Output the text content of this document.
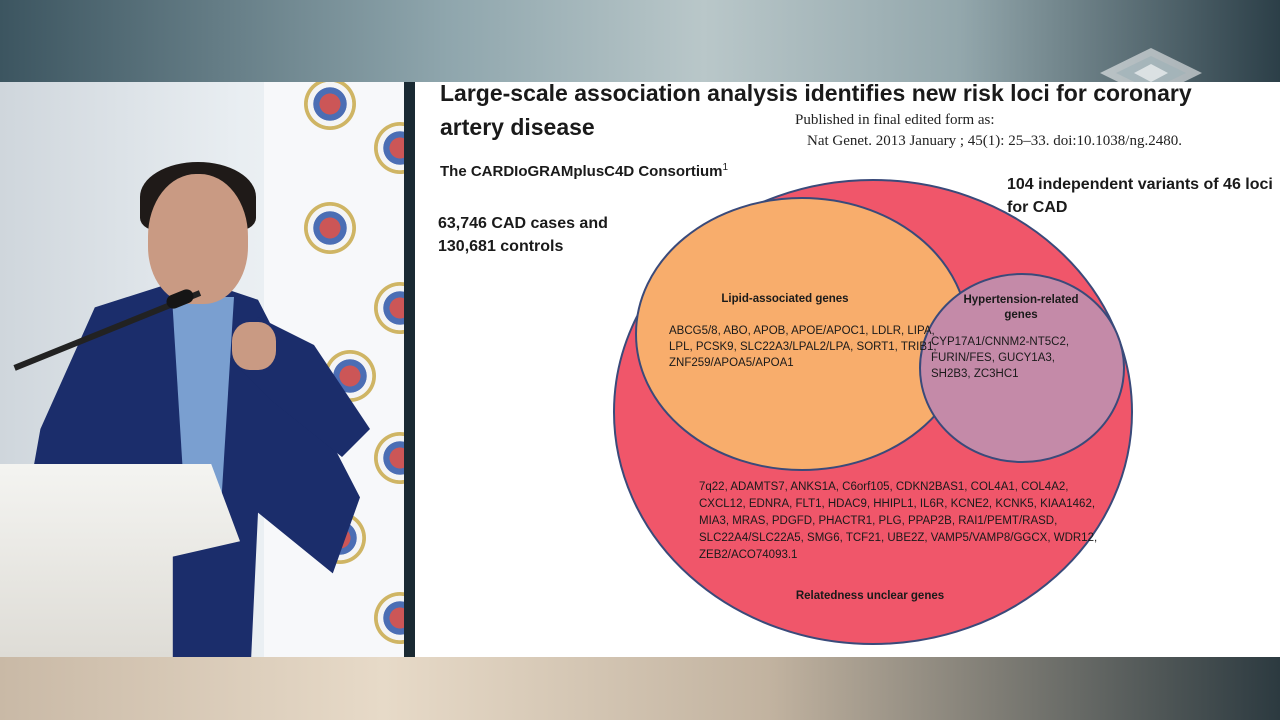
Large-scale association analysis identifies new risk loci for coronary artery disease	Published in final edited form as:
Nat Genet. 2013 January ; 45(1): 25–33. doi:10.1038/ng.2480.
The CARDIoGRAMplusC4D Consortium$^1$
63,746 CAD cases and 130,681 controls
104 independent variants of 46 loci for CAD
Lipid-associated genes
ABCG5/8, ABO, APOB, APOE/APOC1, LDLR, LIPA, LPL, PCSK9, SLC22A3/LPAL2/LPA, SORT1, TRIB1, ZNF259/APOA5/APOA1
Hypertension-related genes
CYP17A1/CNNM2-NT5C2, FURIN/FES, GUCY1A3, SH2B3, ZC3HC1
7q22, ADAMTS7, ANKS1A, C6orf105, CDKN2BAS1, COL4A1, COL4A2, CXCL12, EDNRA, FLT1, HDAC9, HHIPL1, IL6R, KCNE2, KCNK5, KIAA1462, MIA3, MRAS, PDGFD, PHACTR1, PLG, PPAP2B, RAI1/PEMT/RASD, SLC22A4/SLC22A5, SMG6, TCF21, UBE2Z, VAMP5/VAMP8/GGCX, WDR12, ZEB2/ACO74093.1
Relatedness unclear genes
